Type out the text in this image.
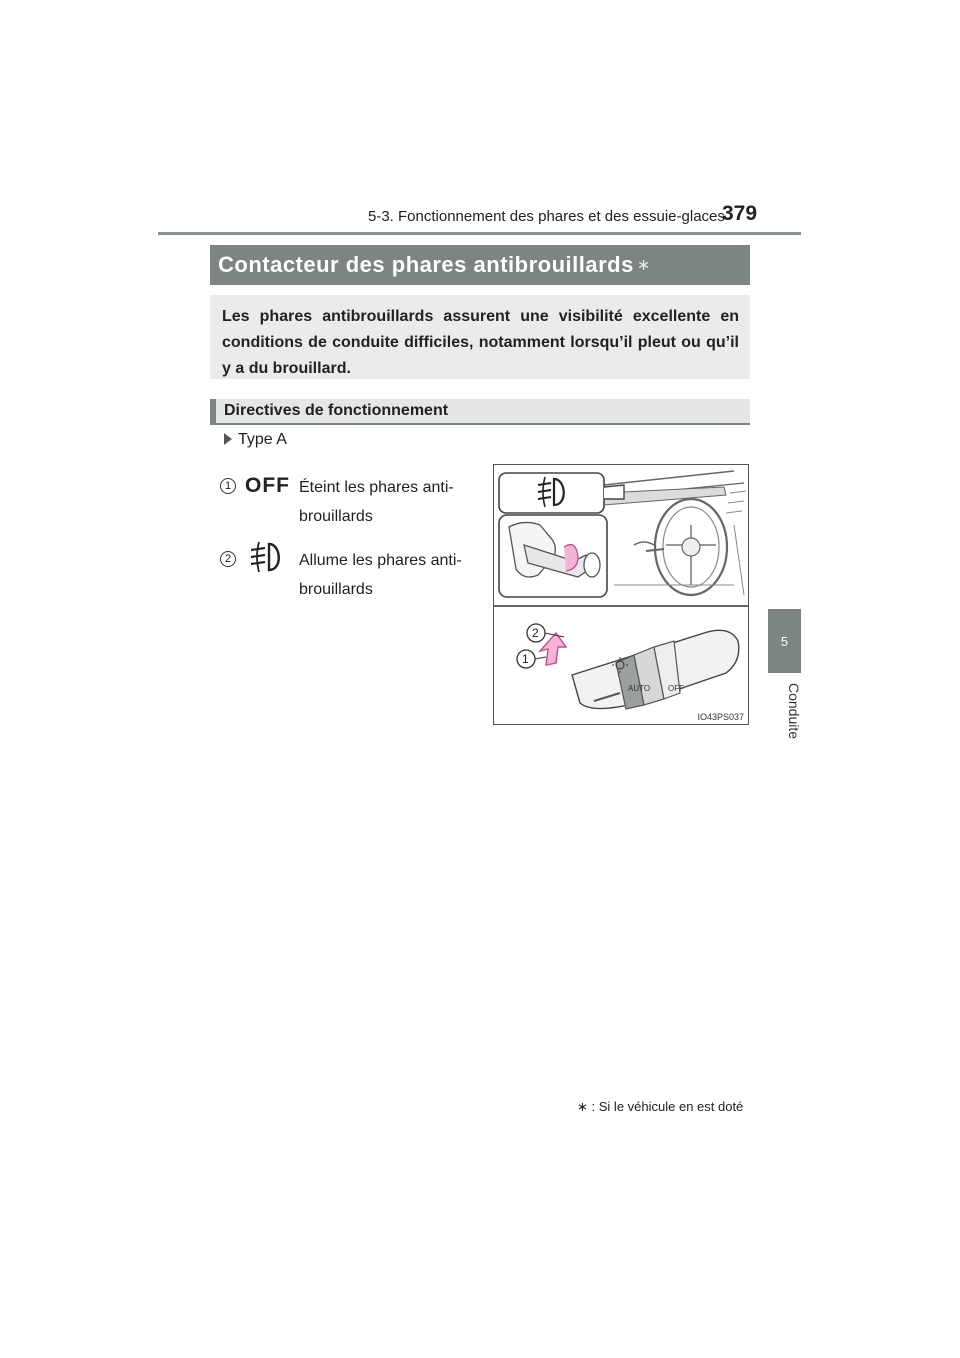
5-3. Fonctionnement des phares et des essuie-glaces
379
5
Conduite
Contacteur des phares antibrouillards ∗
Les phares antibrouillards assurent une visibilité excellente en conditions de conduite difficiles, notamment lorsqu’il pleut ou qu’il y a du brouillard.
Directives de fonctionnement
Type A
1 OFF Éteint les phares anti-
brouillards
2	Allume les phares anti-
brouillards
AUTO OFF
2
1
IO43PS037
∗ : Si le véhicule en est doté
